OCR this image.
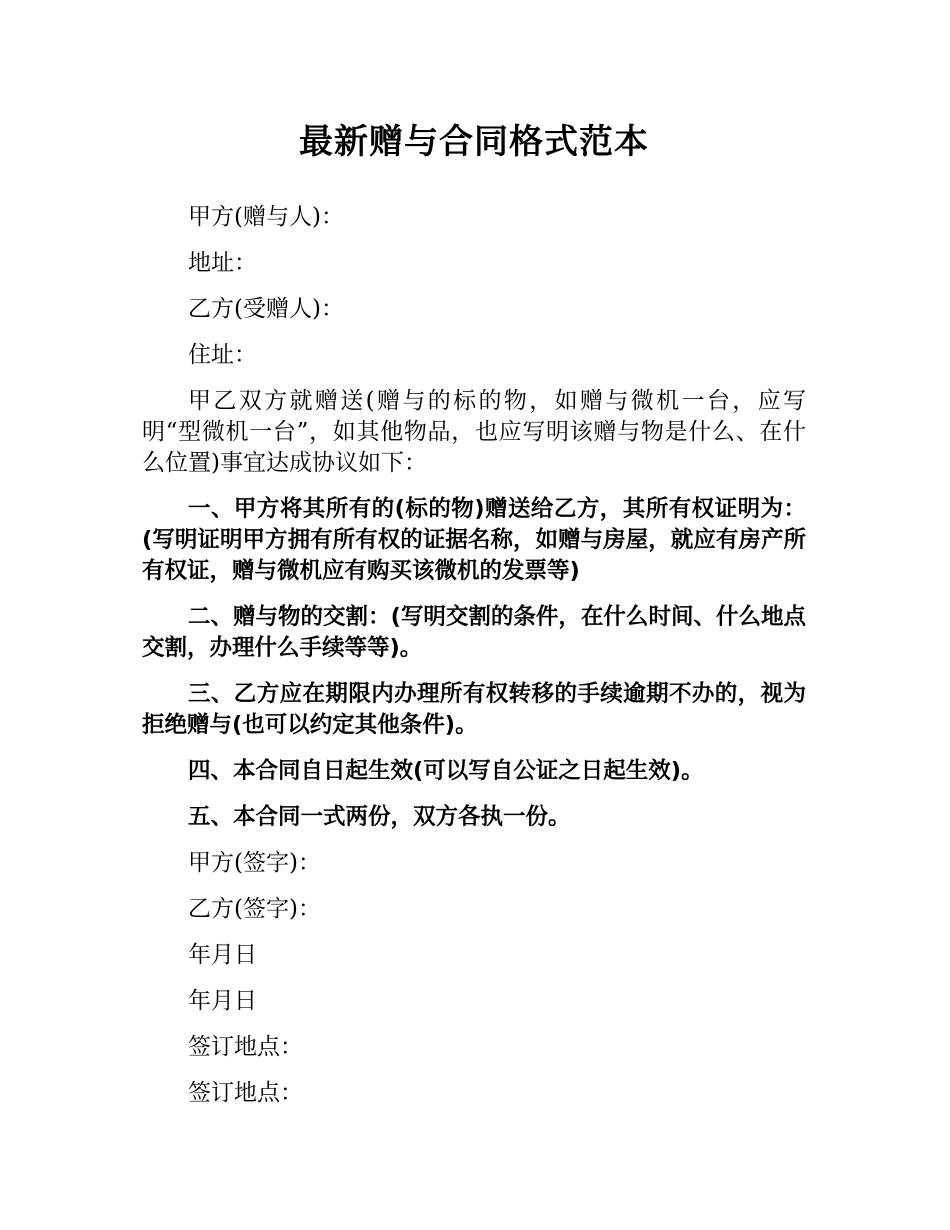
最新赠与合同格式范本

甲方(赠与人)：

地址：

乙方(受赠人)：

住址：

甲乙双方就赠送(赠与的标的物，如赠与微机一台，应写明“型微机一台”，如其他物品，也应写明该赠与物是什么、在什么位置)事宜达成协议如下：

一、甲方将其所有的(标的物)赠送给乙方，其所有权证明为：(写明证明甲方拥有所有权的证据名称，如赠与房屋，就应有房产所有权证，赠与微机应有购买该微机的发票等)

二、赠与物的交割：(写明交割的条件，在什么时间、什么地点交割，办理什么手续等等)。

三、乙方应在期限内办理所有权转移的手续逾期不办的，视为拒绝赠与(也可以约定其他条件)。

四、本合同自日起生效(可以写自公证之日起生效)。

五、本合同一式两份，双方各执一份。

甲方(签字)：

乙方(签字)：

年月日

年月日

签订地点：

签订地点：
